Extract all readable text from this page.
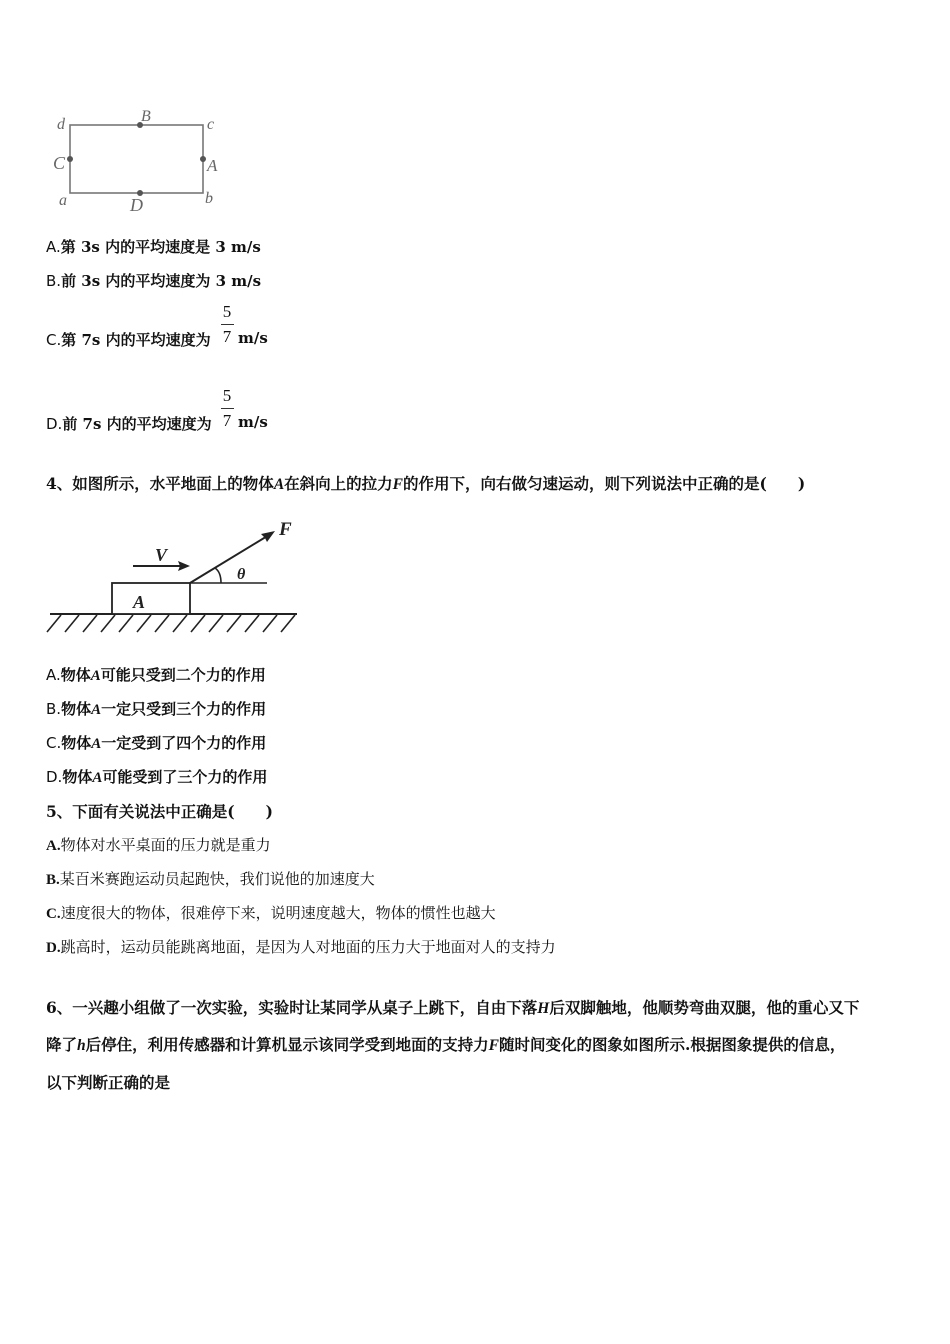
d	B	c
C	A
a	D	b
A.第 3s 内的平均速度是 3 m/s
B.前 3s 内的平均速度为 3 m/s
C.第 7s 内的平均速度为
5
7 m/s
D.前 7s 内的平均速度为
5
7 m/s
4、如图所示，水平地面上的物体A在斜向上的拉力F的作用下，向右做匀速运动，则下列说法中正确的是(　　)
A
V
F
θ
A.物体A可能只受到二个力的作用
B.物体A一定只受到三个力的作用
C.物体A一定受到了四个力的作用
D.物体A可能受到了三个力的作用
5、下面有关说法中正确是(　　)
A.物体对水平桌面的压力就是重力
B.某百米赛跑运动员起跑快，我们说他的加速度大
C.速度很大的物体，很难停下来，说明速度越大，物体的惯性也越大
D.跳高时，运动员能跳离地面，是因为人对地面的压力大于地面对人的支持力
6、一兴趣小组做了一次实验，实验时让某同学从桌子上跳下，自由下落H后双脚触地，他顺势弯曲双腿，他的重心又下
降了h后停住，利用传感器和计算机显示该同学受到地面的支持力F随时间变化的图象如图所示.根据图象提供的信息，
以下判断正确的是
